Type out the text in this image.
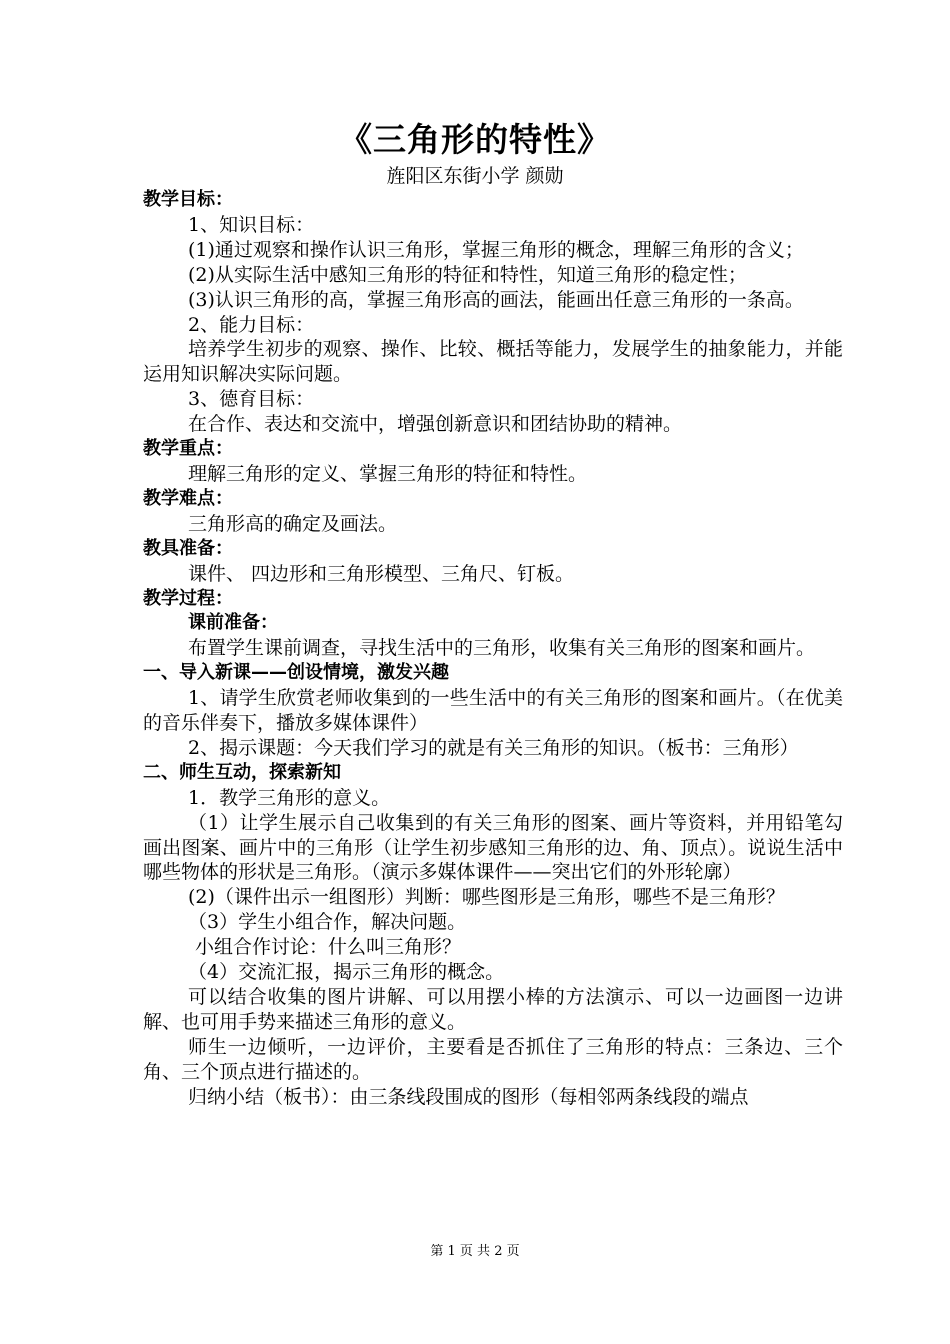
《三角形的特性》
旌阳区东街小学 颜勋

教学目标：

1、知识目标：

(1)通过观察和操作认识三角形，掌握三角形的概念，理解三角形的含义；

(2)从实际生活中感知三角形的特征和特性，知道三角形的稳定性；

(3)认识三角形的高，掌握三角形高的画法，能画出任意三角形的一条高。

2、能力目标：

培养学生初步的观察、操作、比较、概括等能力，发展学生的抽象能力，并能运用知识解决实际问题。

3、德育目标：

在合作、表达和交流中，增强创新意识和团结协助的精神。

教学重点：

理解三角形的定义、掌握三角形的特征和特性。

教学难点：

三角形高的确定及画法。

教具准备：

课件、 四边形和三角形模型、三角尺、钉板。

教学过程：

课前准备：

布置学生课前调查，寻找生活中的三角形，收集有关三角形的图案和画片。

一、导入新课——创设情境，激发兴趣

1、请学生欣赏老师收集到的一些生活中的有关三角形的图案和画片。（在优美的音乐伴奏下，播放多媒体课件）

2、揭示课题：今天我们学习的就是有关三角形的知识。（板书：三角形）

二、师生互动，探索新知

1．教学三角形的意义。

（1）让学生展示自己收集到的有关三角形的图案、画片等资料，并用铅笔勾画出图案、画片中的三角形（让学生初步感知三角形的边、角、顶点）。说说生活中哪些物体的形状是三角形。（演示多媒体课件——突出它们的外形轮廓）

(2)（课件出示一组图形）判断：哪些图形是三角形，哪些不是三角形？

（3）学生小组合作，解决问题。

小组合作讨论：什么叫三角形？

（4）交流汇报，揭示三角形的概念。

可以结合收集的图片讲解、可以用摆小棒的方法演示、可以一边画图一边讲解、也可用手势来描述三角形的意义。

师生一边倾听，一边评价，主要看是否抓住了三角形的特点：三条边、三个角、三个顶点进行描述的。

归纳小结（板书）：由三条线段围成的图形（每相邻两条线段的端点

第 1 页 共 2 页
